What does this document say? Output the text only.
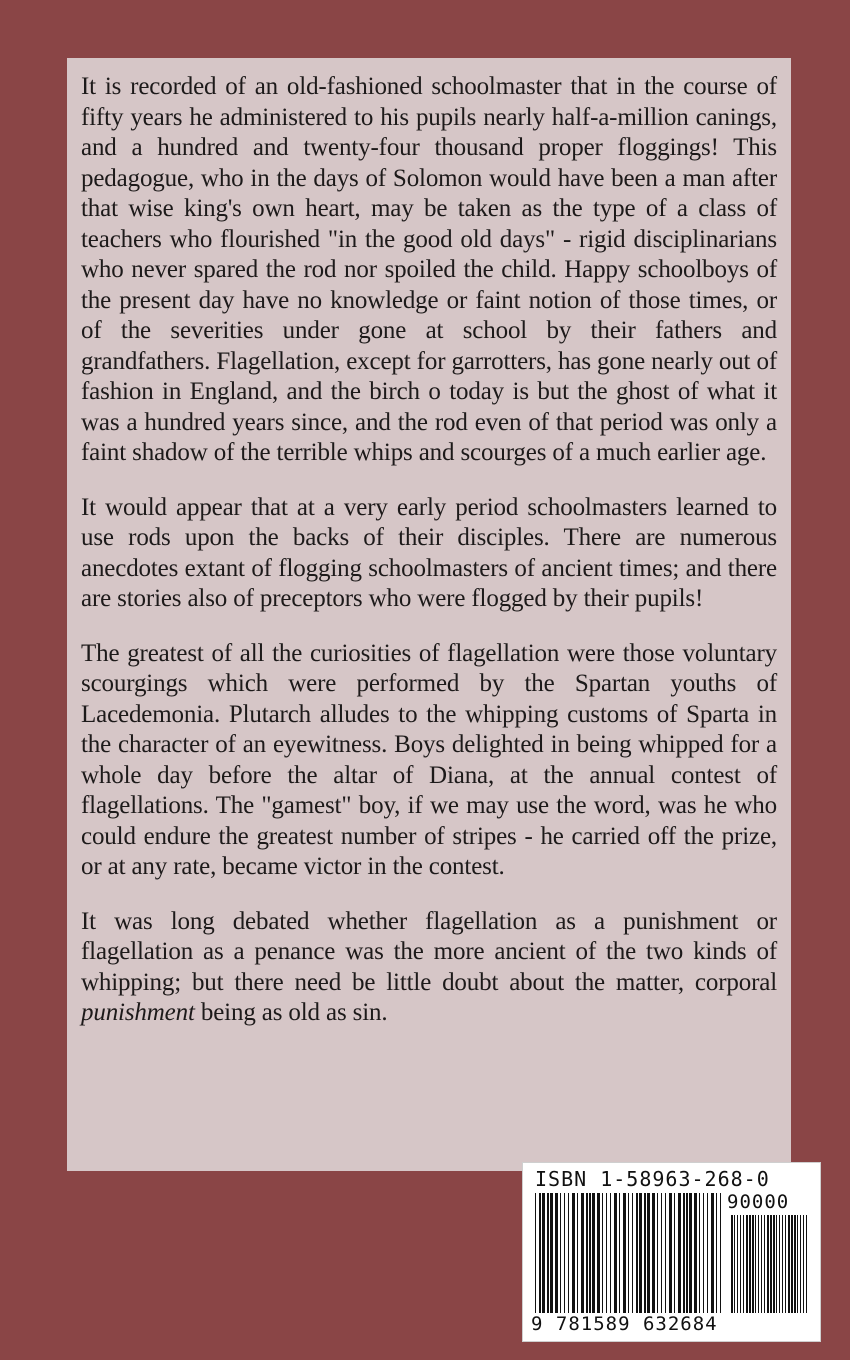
It is recorded of an old-fashioned schoolmaster that in the course of fifty years he administered to his pupils nearly half-a-million canings, and a hundred and twenty-four thousand proper floggings! This pedagogue, who in the days of Solomon would have been a man after that wise king's own heart, may be taken as the type of a class of teachers who flourished "in the good old days" - rigid disciplinarians who never spared the rod nor spoiled the child. Happy schoolboys of the present day have no knowledge or faint notion of those times, or of the severities under gone at school by their fathers and grandfathers. Flagellation, except for garrotters, has gone nearly out of fashion in England, and the birch o today is but the ghost of what it was a hundred years since, and the rod even of that period was only a faint shadow of the terrible whips and scourges of a much earlier age.

It would appear that at a very early period schoolmasters learned to use rods upon the backs of their disciples. There are numerous anecdotes extant of flogging schoolmasters of ancient times; and there are stories also of preceptors who were flogged by their pupils!

The greatest of all the curiosities of flagellation were those voluntary scourgings which were performed by the Spartan youths of Lacedemonia. Plutarch alludes to the whipping customs of Sparta in the character of an eyewitness. Boys delighted in being whipped for a whole day before the altar of Diana, at the annual contest of flagellations. The "gamest" boy, if we may use the word, was he who could endure the greatest number of stripes - he carried off the prize, or at any rate, became victor in the contest.

It was long debated whether flagellation as a punishment or flagellation as a penance was the more ancient of the two kinds of whipping; but there need be little doubt about the matter, corporal punishment being as old as sin.

ISBN 1-58963-268-0
90000
9 781589 632684
